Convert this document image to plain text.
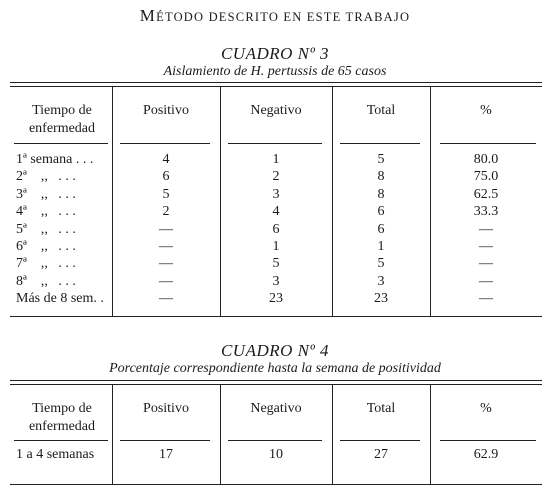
MÉTODO DESCRITO EN ESTE TRABAJO
CUADRO Nº 3
Aislamiento de H. pertussis de 65 casos
Tiempo de
enfermedad
Positivo	Negativo	Total	%
1ª semana . . .	4	1	5	80.0
2ª    ,,   . . .	6	2	8	75.0
3ª    ,,   . . .	5	3	8	62.5
4ª    ,,   . . .	2	4	6	33.3
5ª    ,,   . . .	—	6	6	—
6ª    ,,   . . .	—	1	1	—
7ª    ,,   . . .	—	5	5	—
8ª    ,,   . . .	—	3	3	—
Más de 8 sem. .	—	23	23	—
CUADRO Nº 4
Porcentaje correspondiente hasta la semana de positividad
Tiempo de
enfermedad
Positivo	Negativo	Total	%
1 a 4 semanas	17	10	27	62.9
